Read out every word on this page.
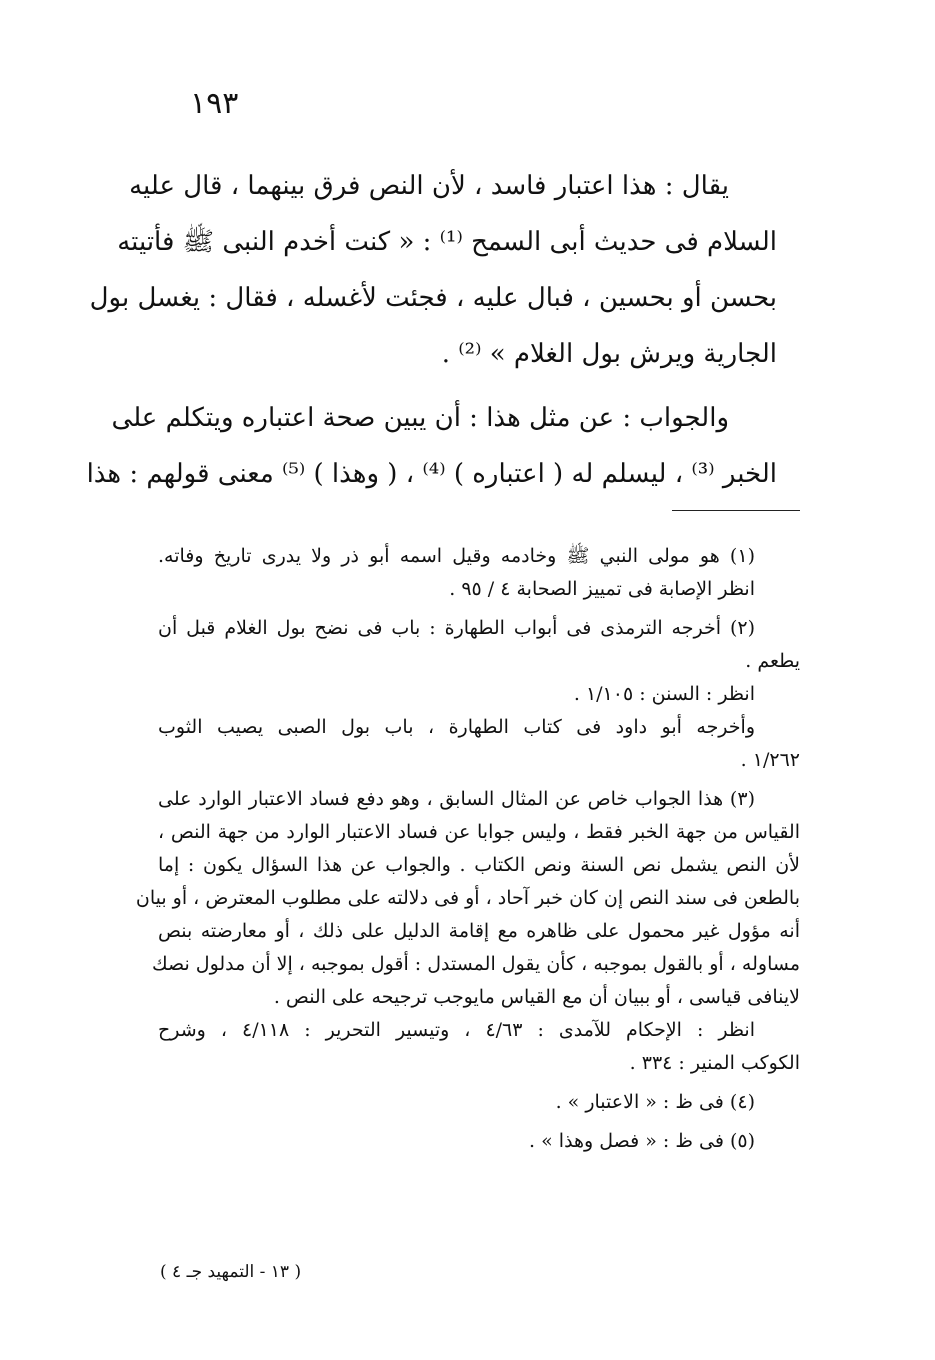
١٩٣
يقال : هذا اعتبار فاسد ، لأن النص فرق بينهما ، قال عليه
السلام فى حديث أبى السمح ⁽¹⁾ : « كنت أخدم النبى ﷺ فأتيته
بحسن أو بحسين ، فبال عليه ، فجئت لأغسله ، فقال : يغسل بول
الجارية ويرش بول الغلام » ⁽²⁾ .
والجواب : عن مثل هذا : أن يبين صحة اعتباره ويتكلم على
الخبر ⁽³⁾ ، ليسلم له ( اعتباره ) ⁽⁴⁾ ، ( وهذا ) ⁽⁵⁾ معنى قولهم : هذا
(١) هو مولى النبي ﷺ وخادمه وقيل اسمه أبو ذر ولا يدرى تاريخ وفاته.
انظر الإصابة فى تمييز الصحابة ٤ / ٩٥ .
(٢) أخرجه الترمذى فى أبواب الطهارة : باب فى نضح بول الغلام قبل أن
يطعم .
انظر : السنن : ١/١٠٥ .
وأخرجه أبو داود فى كتاب الطهارة ، باب بول الصبى يصيب الثوب
١/٢٦٢ .
(٣) هذا الجواب خاص عن المثال السابق ، وهو دفع فساد الاعتبار الوارد على
القياس من جهة الخبر فقط ، وليس جوابا عن فساد الاعتبار الوارد من جهة النص ،
لأن النص يشمل نص السنة ونص الكتاب . والجواب عن هذا السؤال يكون : إما
بالطعن فى سند النص إن كان خبر آحاد ، أو فى دلالته على مطلوب المعترض ، أو بيان
أنه مؤول غير محمول على ظاهره مع إقامة الدليل على ذلك ، أو معارضته بنص
مساوله ، أو بالقول بموجبه ، كأن يقول المستدل : أقول بموجبه ، إلا أن مدلول نصك
لاينافى قياسى ، أو ببيان أن مع القياس مايوجب ترجيحه على النص .
انظر : الإحكام للآمدى : ٤/٦٣ ، وتيسير التحرير : ٤/١١٨ ، وشرح
الكوكب المنير : ٣٣٤ .
(٤) فى ظ : « الاعتبار » .
(٥) فى ظ : « فصل وهذا » .
( ١٣ - التمهيد جـ ٤ )
